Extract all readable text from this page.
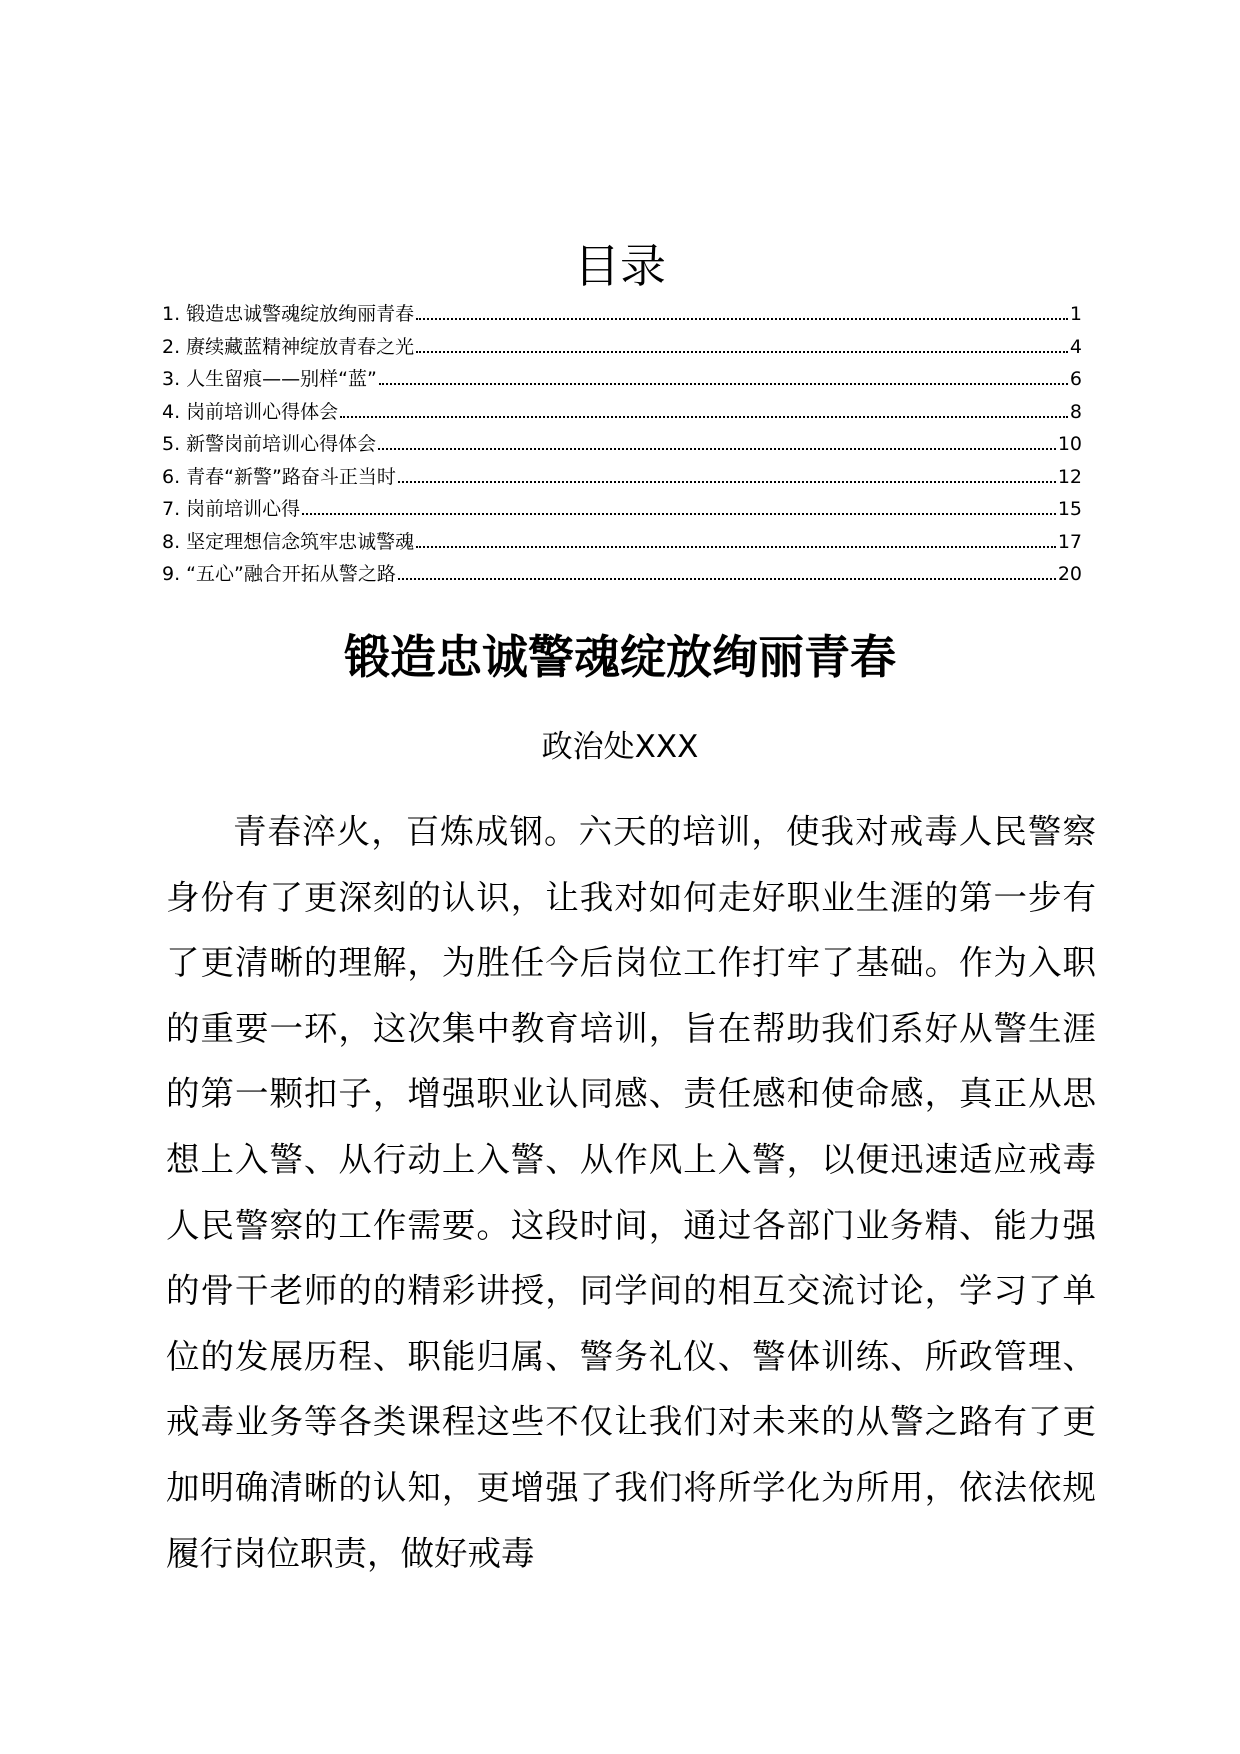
目录
1. 锻造忠诚警魂绽放绚丽青春	1
2. 赓续藏蓝精神绽放青春之光	4
3. 人生留痕——别样“蓝”	6
4. 岗前培训心得体会	8
5. 新警岗前培训心得体会	10
6. 青春“新警”路奋斗正当时	12
7. 岗前培训心得	15
8. 坚定理想信念筑牢忠诚警魂	17
9. “五心”融合开拓从警之路	20
锻造忠诚警魂绽放绚丽青春

政治处XXX

青春淬火，百炼成钢。六天的培训，使我对戒毒人民警察身份有了更深刻的认识，让我对如何走好职业生涯的第一步有了更清晰的理解，为胜任今后岗位工作打牢了基础。作为入职的重要一环，这次集中教育培训，旨在帮助我们系好从警生涯的第一颗扣子，增强职业认同感、责任感和使命感，真正从思想上入警、从行动上入警、从作风上入警，以便迅速适应戒毒人民警察的工作需要。这段时间，通过各部门业务精、能力强的骨干老师的的精彩讲授，同学间的相互交流讨论，学习了单位的发展历程、职能归属、警务礼仪、警体训练、所政管理、戒毒业务等各类课程这些不仅让我们对未来的从警之路有了更加明确清晰的认知，更增强了我们将所学化为所用，依法依规履行岗位职责，做好戒毒
